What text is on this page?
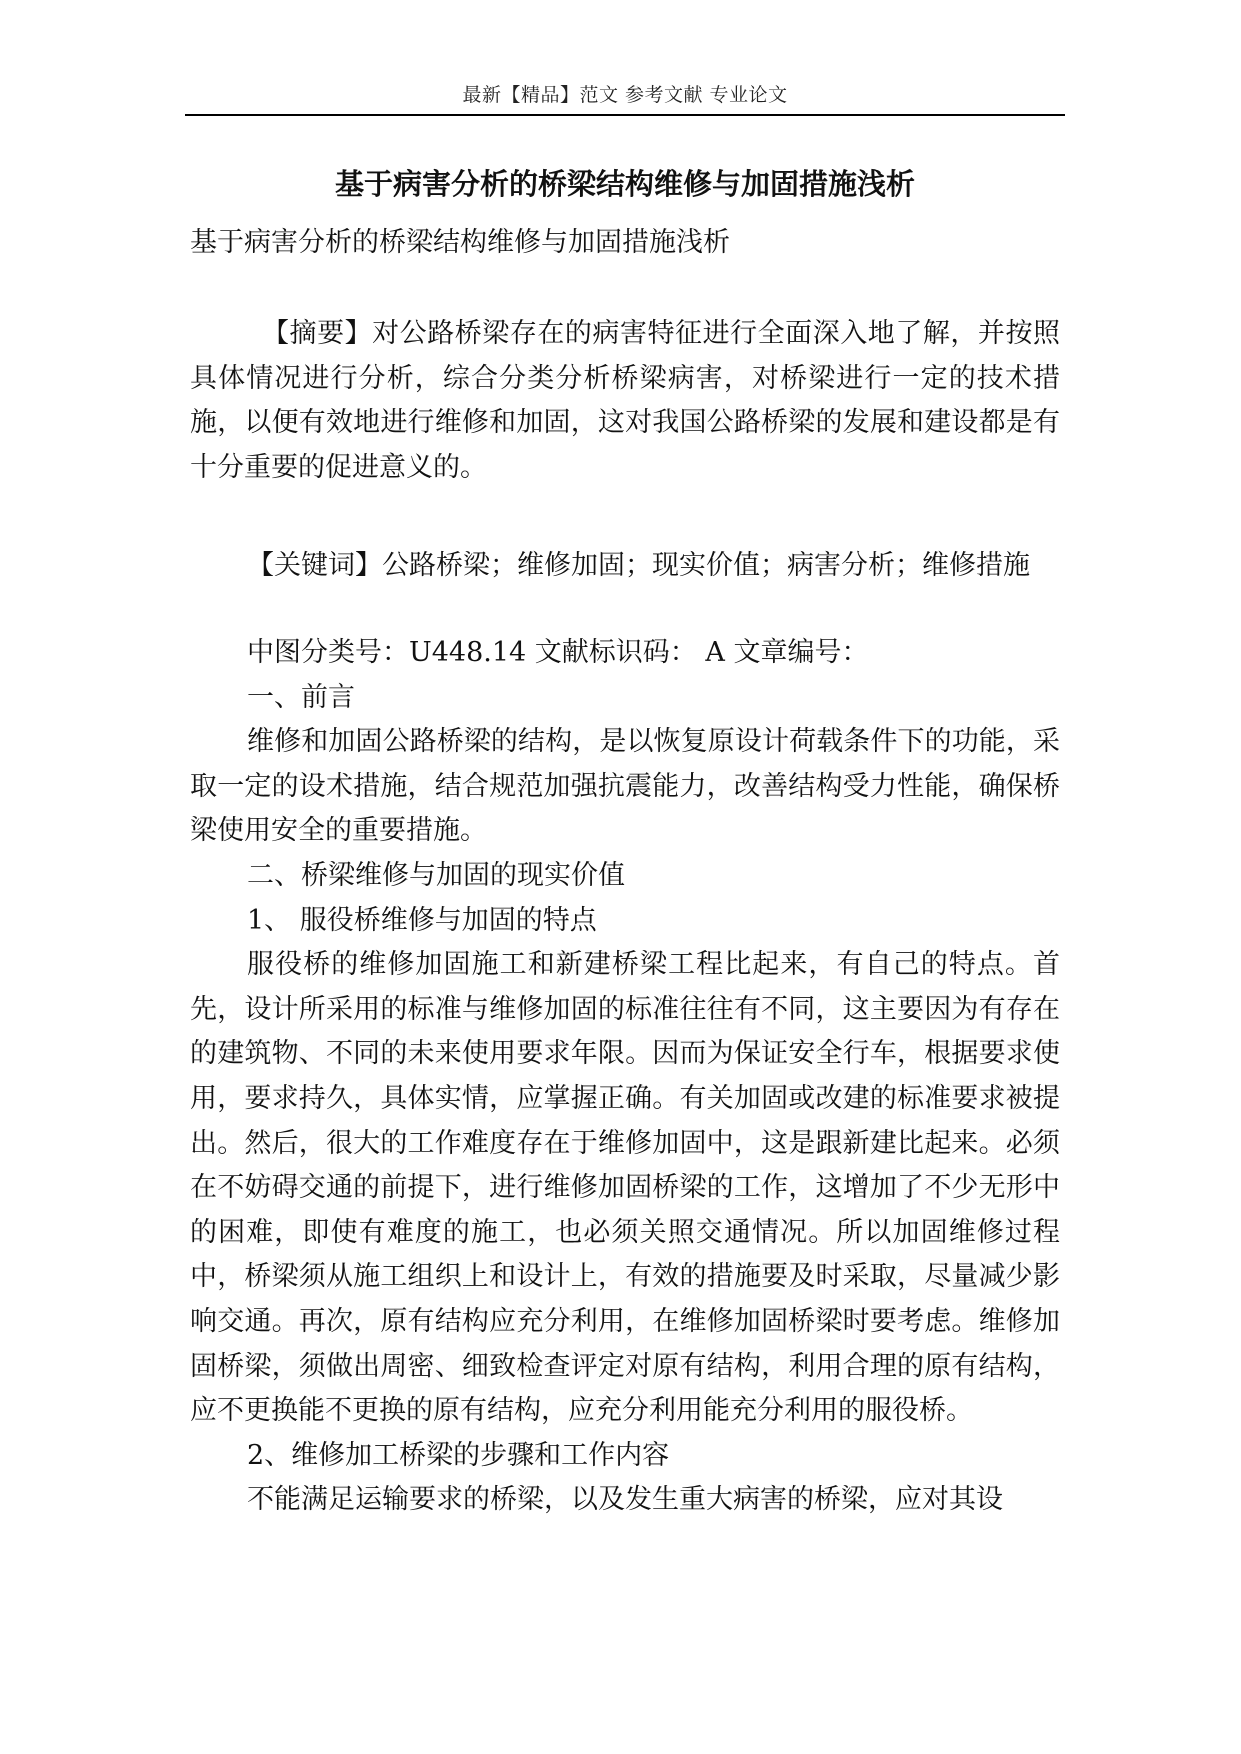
最新【精品】范文 参考文献 专业论文
基于病害分析的桥梁结构维修与加固措施浅析
基于病害分析的桥梁结构维修与加固措施浅析
【摘要】对公路桥梁存在的病害特征进行全面深入地了解，并按照具体情况进行分析，综合分类分析桥梁病害，对桥梁进行一定的技术措施，以便有效地进行维修和加固，这对我国公路桥梁的发展和建设都是有十分重要的促进意义的。
【关键词】公路桥梁；维修加固；现实价值；病害分析；维修措施

中图分类号：U448.14 文献标识码： A 文章编号：

一、前言

维修和加固公路桥梁的结构，是以恢复原设计荷载条件下的功能，采取一定的设术措施，结合规范加强抗震能力，改善结构受力性能，确保桥梁使用安全的重要措施。

二、桥梁维修与加固的现实价值

1、 服役桥维修与加固的特点

服役桥的维修加固施工和新建桥梁工程比起来，有自己的特点。首先，设计所采用的标准与维修加固的标准往往有不同，这主要因为有存在的建筑物、不同的未来使用要求年限。因而为保证安全行车，根据要求使用，要求持久，具体实情，应掌握正确。有关加固或改建的标准要求被提出。然后，很大的工作难度存在于维修加固中，这是跟新建比起来。必须在不妨碍交通的前提下，进行维修加固桥梁的工作，这增加了不少无形中的困难，即使有难度的施工，也必须关照交通情况。所以加固维修过程中，桥梁须从施工组织上和设计上，有效的措施要及时采取，尽量减少影响交通。再次，原有结构应充分利用，在维修加固桥梁时要考虑。维修加固桥梁，须做出周密、细致检查评定对原有结构，利用合理的原有结构，应不更换能不更换的原有结构，应充分利用能充分利用的服役桥。

2、维修加工桥梁的步骤和工作内容

不能满足运输要求的桥梁，以及发生重大病害的桥梁，应对其设
